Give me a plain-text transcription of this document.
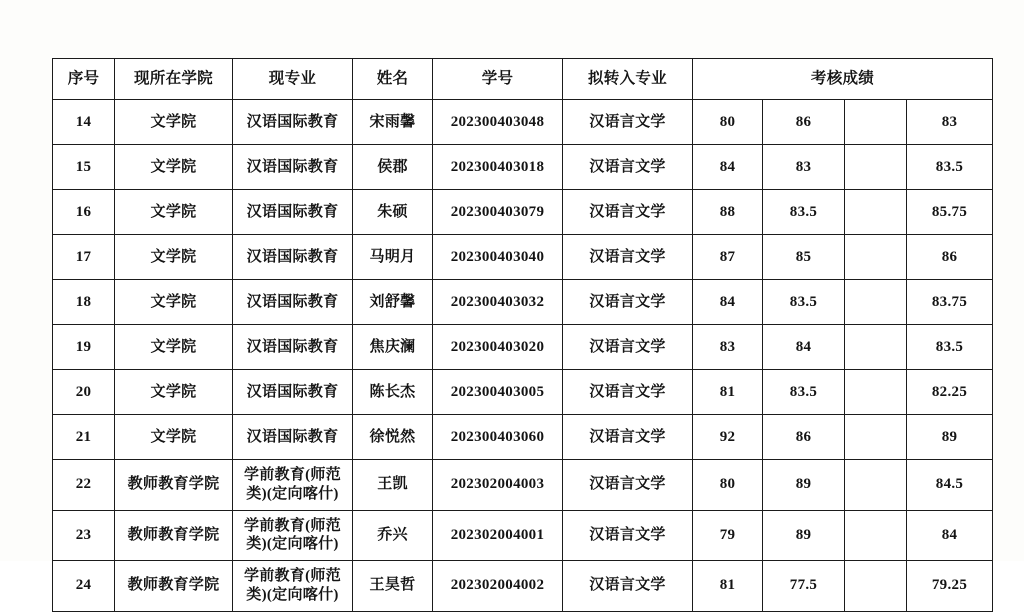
序号	现所在学院	现专业	姓名	学号	拟转入专业	考核成绩			
14	文学院	汉语国际教育	宋雨馨	202300403048	汉语言文学	80	86		83
15	文学院	汉语国际教育	侯郡	202300403018	汉语言文学	84	83		83.5
16	文学院	汉语国际教育	朱硕	202300403079	汉语言文学	88	83.5		85.75
17	文学院	汉语国际教育	马明月	202300403040	汉语言文学	87	85		86
18	文学院	汉语国际教育	刘舒馨	202300403032	汉语言文学	84	83.5		83.75
19	文学院	汉语国际教育	焦庆澜	202300403020	汉语言文学	83	84		83.5
20	文学院	汉语国际教育	陈长杰	202300403005	汉语言文学	81	83.5		82.25
21	文学院	汉语国际教育	徐悦然	202300403060	汉语言文学	92	86		89
22	教师教育学院	学前教育(师范
类)(定向喀什)	王凯	202302004003	汉语言文学	80	89		84.5
23	教师教育学院	学前教育(师范
类)(定向喀什)	乔兴	202302004001	汉语言文学	79	89		84
24	教师教育学院	学前教育(师范
类)(定向喀什)	王昊哲	202302004002	汉语言文学	81	77.5		79.25
